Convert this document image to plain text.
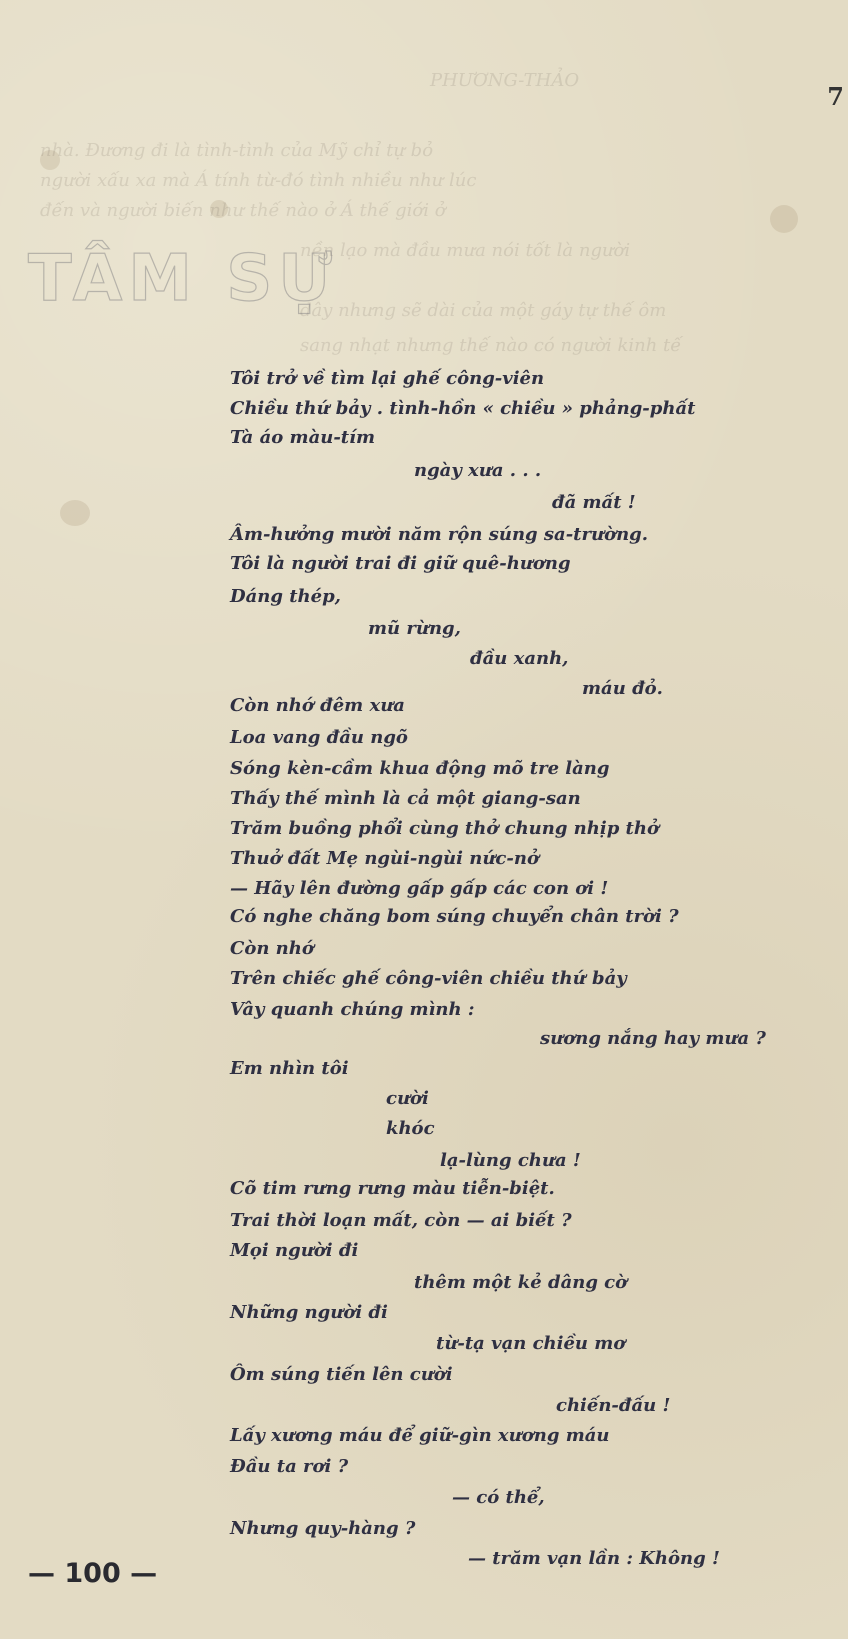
nhà. Đương đi là tình-tình của Mỹ chỉ tự bỏ
người xấu xa mà Á tính từ-đó tình nhiều như lúc
đến và người biến như thế nào ở Á thế giới ở
nền lạo mà đầu mưa nói tốt là người
dây nhưng sẽ dài của một gáy tự thế ôm
sang nhạt nhưng thế nào có người kinh tế
PHƯƠNG-THẢO
7
TÂM SỰ
Tôi trở về tìm lại ghế công-viên
Chiều thứ bảy . tình-hồn « chiều » phảng-phất
Tà áo màu-tím
ngày xưa . . .
đã mất !
Âm-hưởng mười năm rộn súng sa-trường.
Tôi là người trai đi giữ quê-hương
Dáng thép,
mũ rừng,
đầu xanh,
máu đỏ.
Còn nhớ đêm xưa
Loa vang đầu ngõ
Sóng kèn-cầm khua động mõ tre làng
Thấy thế mình là cả một giang-san
Trăm buồng phổi cùng thở chung nhịp thở
Thuở đất Mẹ ngùi-ngùi nức-nở
— Hãy lên đường gấp gấp các con ơi !
Có nghe chăng bom súng chuyển chân trời ?
Còn nhớ
Trên chiếc ghế công-viên chiều thứ bảy
Vây quanh chúng mình :
sương nắng hay mưa ?
Em nhìn tôi
cười
khóc
lạ-lùng chưa !
Cõ tim rưng rưng màu tiễn-biệt.
Trai thời loạn mất, còn — ai biết ?
Mọi người đi
thêm một kẻ dâng cờ
Những người đi
từ-tạ vạn chiều mơ
Ôm súng tiến lên cười
chiến-đấu !
Lấy xương máu để giữ-gìn xương máu
Đầu ta rơi ?
— có thể,
Nhưng quy-hàng ?
— trăm vạn lần : Không !
— 100 —
